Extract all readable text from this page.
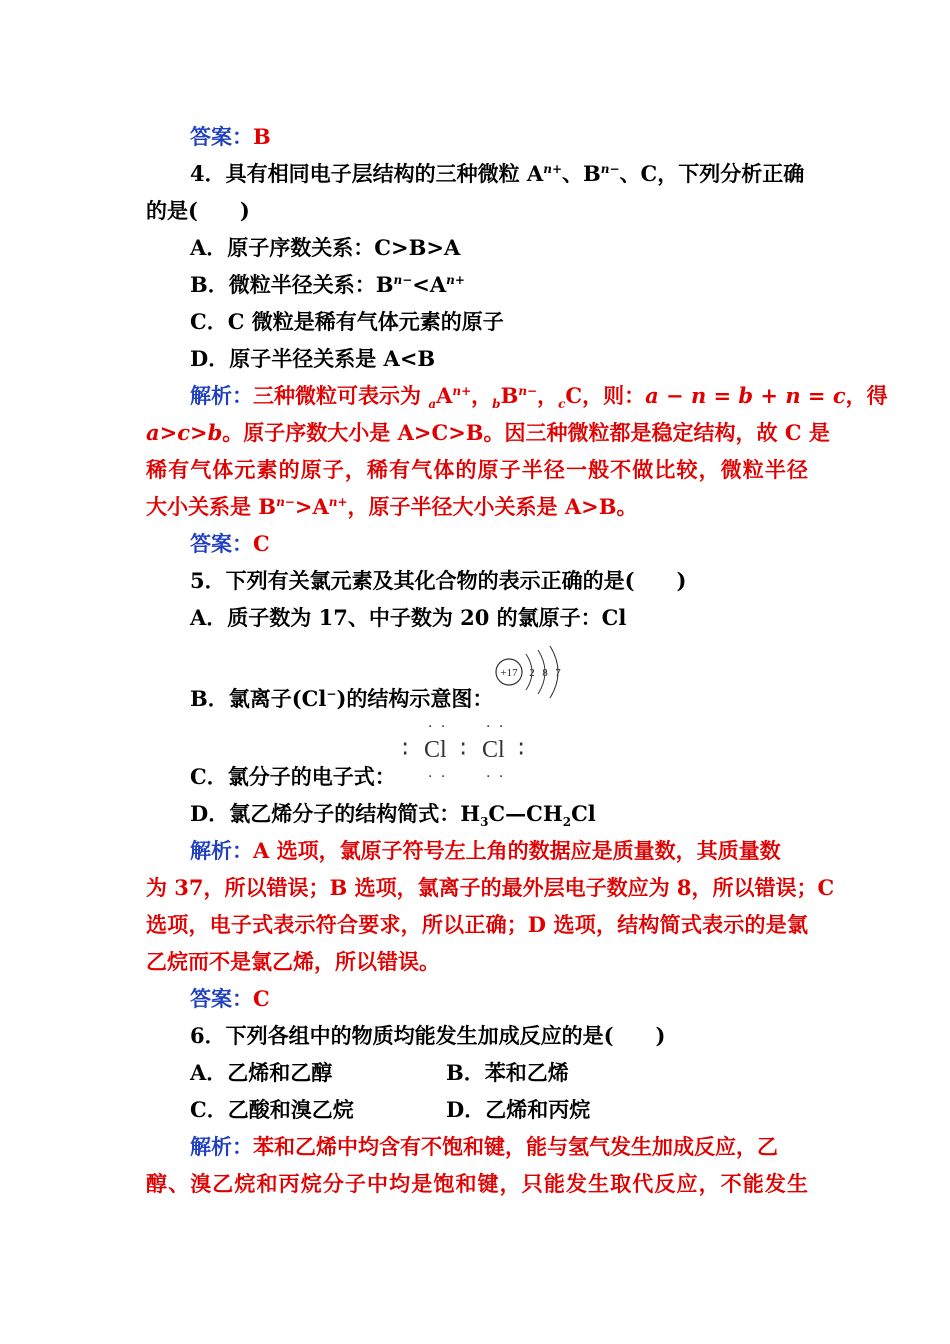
答案：B
4．具有相同电子层结构的三种微粒 $A^{n+}$、$B^{n-}$、C，下列分析正确
的是(　　)
A．原子序数关系：C>B>A
B．微粒半径关系：$B^{n-}<A^{n+}$
C．C 微粒是稀有气体元素的原子
D．原子半径关系是 A<B
解析：三种微粒可表示为 $_aA^{n+}$，$_bB^{n-}$，$_c$C，则：a − n = b + n = c，得
a>c>b。原子序数大小是 A>C>B。因三种微粒都是稳定结构，故 C 是
稀有气体元素的原子，稀有气体的原子半径一般不做比较，微粒半径
大小关系是 $B^{n-}>A^{n+}$，原子半径大小关系是 A>B。
答案：C
5．下列有关氯元素及其化合物的表示正确的是(　　)
A．质子数为 17、中子数为 20 的氯原子：Cl
+17 2 8 7
B．氯离子(Cl−)的结构示意图：
· ·	· ·
∶ Cl ∶ Cl ∶
· ·	· ·
C．氯分子的电子式：
D．氯乙烯分子的结构简式：$H_3C—CH_2Cl$
解析：A 选项，氯原子符号左上角的数据应是质量数，其质量数
为 37，所以错误；B 选项，氯离子的最外层电子数应为 8，所以错误；C
选项，电子式表示符合要求，所以正确；D 选项，结构简式表示的是氯
乙烷而不是氯乙烯，所以错误。
答案：C
6．下列各组中的物质均能发生加成反应的是(　　)
A．乙烯和乙醇	B．苯和乙烯
C．乙酸和溴乙烷	D．乙烯和丙烷
解析：苯和乙烯中均含有不饱和键，能与氢气发生加成反应，乙
醇、溴乙烷和丙烷分子中均是饱和键，只能发生取代反应，不能发生
